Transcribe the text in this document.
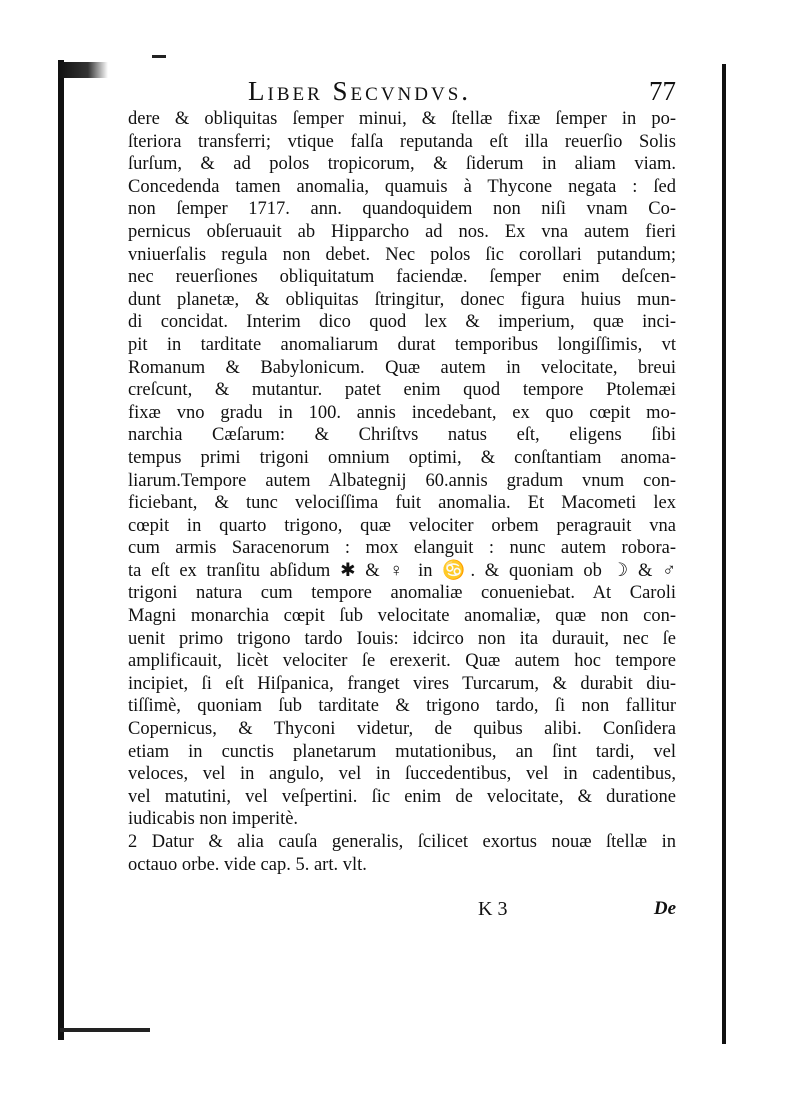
Liber Secvndvs.	77
dere & obliquitas ſemper minui, & ſtellæ fixæ ſemper in po-
ſteriora transferri; vtique falſa reputanda eſt illa reuerſio Solis
ſurſum, & ad polos tropicorum, & ſiderum in aliam viam.
Concedenda tamen anomalia, quamuis à Thycone negata : ſed
non ſemper 1717. ann. quandoquidem non niſi vnam Co-
pernicus obſeruauit ab Hipparcho ad nos. Ex vna autem fieri
vniuerſalis regula non debet. Nec polos ſic corollari putandum;
nec reuerſiones obliquitatum faciendæ. ſemper enim deſcen-
dunt planetæ, & obliquitas ſtringitur, donec figura huius mun-
di concidat. Interim dico quod lex & imperium, quæ inci-
pit in tarditate anomaliarum durat temporibus longiſſimis, vt
Romanum & Babylonicum. Quæ autem in velocitate, breui
creſcunt, & mutantur. patet enim quod tempore Ptolemæi
fixæ vno gradu in 100. annis incedebant, ex quo cœpit mo-
narchia Cæſarum: & Chriſtvs natus eſt, eligens ſibi
tempus primi trigoni omnium optimi, & conſtantiam anoma-
liarum.Tempore autem Albategnij 60.annis gradum vnum con-
ficiebant, & tunc velociſſima fuit anomalia. Et Macometi lex
cœpit in quarto trigono, quæ velociter orbem peragrauit vna
cum armis Saracenorum : mox elanguit : nunc autem robora-
ta eſt ex tranſitu abſidum ✱ & ♀ in ♋. & quoniam ob ☽ & ♂
trigoni natura cum tempore anomaliæ conueniebat. At Caroli
Magni monarchia cœpit ſub velocitate anomaliæ, quæ non con-
uenit primo trigono tardo Iouis: idcirco non ita durauit, nec ſe
amplificauit, licèt velociter ſe erexerit. Quæ autem hoc tempore
incipiet, ſi eſt Hiſpanica, franget vires Turcarum, & durabit diu-
tiſſimè, quoniam ſub tarditate & trigono tardo, ſi non fallitur
Copernicus, & Thyconi videtur, de quibus alibi. Conſidera
etiam in cunctis planetarum mutationibus, an ſint tardi, vel
veloces, vel in angulo, vel in ſuccedentibus, vel in cadentibus,
vel matutini, vel veſpertini. ſic enim de velocitate, & duratione
iudicabis non imperitè.
2 Datur & alia cauſa generalis, ſcilicet exortus nouæ ſtellæ in
octauo orbe. vide cap. 5. art. vlt.
K 3	De
